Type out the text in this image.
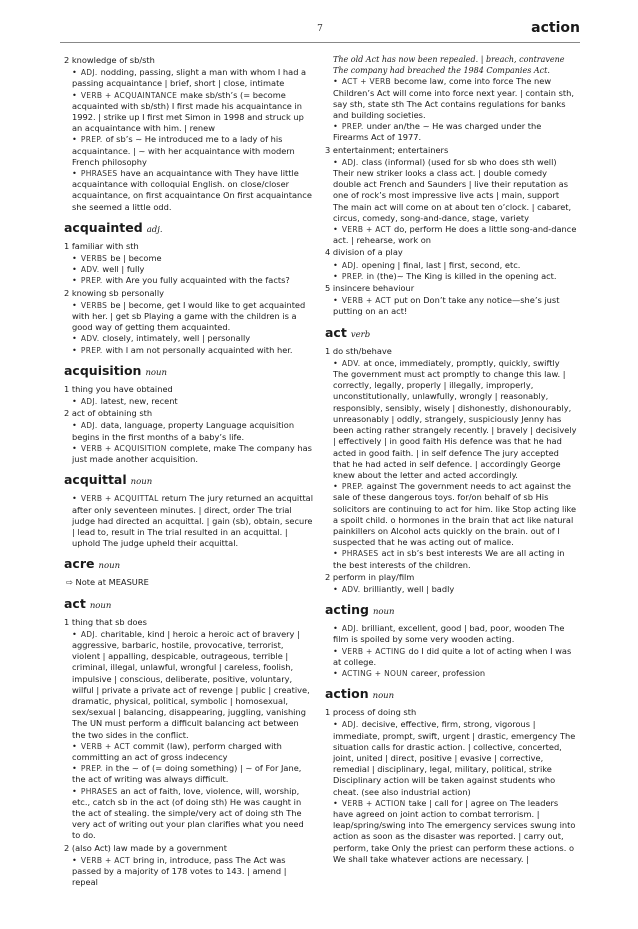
7	action
2 knowledge of sb/sth

• ADJ. nodding, passing, slight a man with whom I had a passing acquaintance | brief, short | close, intimate

• VERB + ACQUAINTANCE make sb/sth’s (= become acquainted with sb/sth) I first made his acquaintance in 1992. | strike up I first met Simon in 1998 and struck up an acquaintance with him. | renew

• PREP. of sb’s ~ He introduced me to a lady of his acquaintance. | ~ with her acquaintance with modern French philosophy

• PHRASES have an acquaintance with They have little acquaintance with colloquial English. on close/closer acquaintance, on first acquaintance On first acquaintance she seemed a little odd.

acquainted adj.
1 familiar with sth

• VERBS be | become

• ADV. well | fully

• PREP. with Are you fully acquainted with the facts?

2 knowing sb personally

• VERBS be | become, get I would like to get acquainted with her. | get sb Playing a game with the children is a good way of getting them acquainted.

• ADV. closely, intimately, well | personally

• PREP. with I am not personally acquainted with her.

acquisition noun
1 thing you have obtained

• ADJ. latest, new, recent

2 act of obtaining sth

• ADJ. data, language, property Language acquisition begins in the first months of a baby’s life.

• VERB + ACQUISITION complete, make The company has just made another acquisition.

acquittal noun

• VERB + ACQUITTAL return The jury returned an acquittal after only seventeen minutes. | direct, order The trial judge had directed an acquittal. | gain (sb), obtain, secure | lead to, result in The trial resulted in an acquittal. | uphold The judge upheld their acquittal.

acre noun
⇨ Note at MEASURE
act noun
1 thing that sb does

• ADJ. charitable, kind | heroic a heroic act of bravery | aggressive, barbaric, hostile, provocative, terrorist, violent | appalling, despicable, outrageous, terrible | criminal, illegal, unlawful, wrongful | careless, foolish, impulsive | conscious, deliberate, positive, voluntary, wilful | private a private act of revenge | public | creative, dramatic, physical, political, symbolic | homosexual, sex/sexual | balancing, disappearing, juggling, vanishing The UN must perform a difficult balancing act between the two sides in the conflict.

• VERB + ACT commit (law), perform charged with committing an act of gross indecency

• PREP. in the ~ of (= doing something) | ~ of For Jane, the act of writing was always difficult.

• PHRASES an act of faith, love, violence, will, worship, etc., catch sb in the act (of doing sth) He was caught in the act of stealing. the simple/very act of doing sth The very act of writing out your plan clarifies what you need to do.

2 (also Act) law made by a government

• VERB + ACT bring in, introduce, pass The Act was passed by a majority of 178 votes to 143. | amend | repeal

The old Act has now been repealed. | breach, contravene The company had breached the 1984 Companies Act.

• ACT + VERB become law, come into force The new Children’s Act will come into force next year. | contain sth, say sth, state sth The Act contains regulations for banks and building societies.

• PREP. under an/the ~ He was charged under the Firearms Act of 1977.

3 entertainment; entertainers

• ADJ. class (informal) (used for sb who does sth well) Their new striker looks a class act. | double comedy double act French and Saunders | live their reputation as one of rock’s most impressive live acts | main, support The main act will come on at about ten o’clock. | cabaret, circus, comedy, song-and-dance, stage, variety

• VERB + ACT do, perform He does a little song-and-dance act. | rehearse, work on

4 division of a play

• ADJ. opening | final, last | first, second, etc.

• PREP. in (the)~ The King is killed in the opening act.

5 insincere behaviour

• VERB + ACT put on Don’t take any notice—she’s just putting on an act!

act verb
1 do sth/behave

• ADV. at once, immediately, promptly, quickly, swiftly The government must act promptly to change this law. | correctly, legally, properly | illegally, improperly, unconstitutionally, unlawfully, wrongly | reasonably, responsibly, sensibly, wisely | dishonestly, dishonourably, unreasonably | oddly, strangely, suspiciously Jenny has been acting rather strangely recently. | bravely | decisively | effectively | in good faith His defence was that he had acted in good faith. | in self defence The jury accepted that he had acted in self defence. | accordingly George knew about the letter and acted accordingly.

• PREP. against The government needs to act against the sale of these dangerous toys. for/on behalf of sb His solicitors are continuing to act for him. like Stop acting like a spoilt child. o hormones in the brain that act like natural painkillers on Alcohol acts quickly on the brain. out of I suspected that he was acting out of malice.

• PHRASES act in sb’s best interests We are all acting in the best interests of the children.

2 perform in play/film

• ADV. brilliantly, well | badly

acting noun

• ADJ. brilliant, excellent, good | bad, poor, wooden The film is spoiled by some very wooden acting.

• VERB + ACTING do I did quite a lot of acting when I was at college.

• ACTING + NOUN career, profession

action noun
1 process of doing sth

• ADJ. decisive, effective, firm, strong, vigorous | immediate, prompt, swift, urgent | drastic, emergency The situation calls for drastic action. | collective, concerted, joint, united | direct, positive | evasive | corrective, remedial | disciplinary, legal, military, political, strike Disciplinary action will be taken against students who cheat. (see also industrial action)

• VERB + ACTION take | call for | agree on The leaders have agreed on joint action to combat terrorism. | leap/spring/swing into The emergency services swung into action as soon as the disaster was reported. | carry out, perform, take Only the priest can perform these actions. o We shall take whatever actions are necessary. |
